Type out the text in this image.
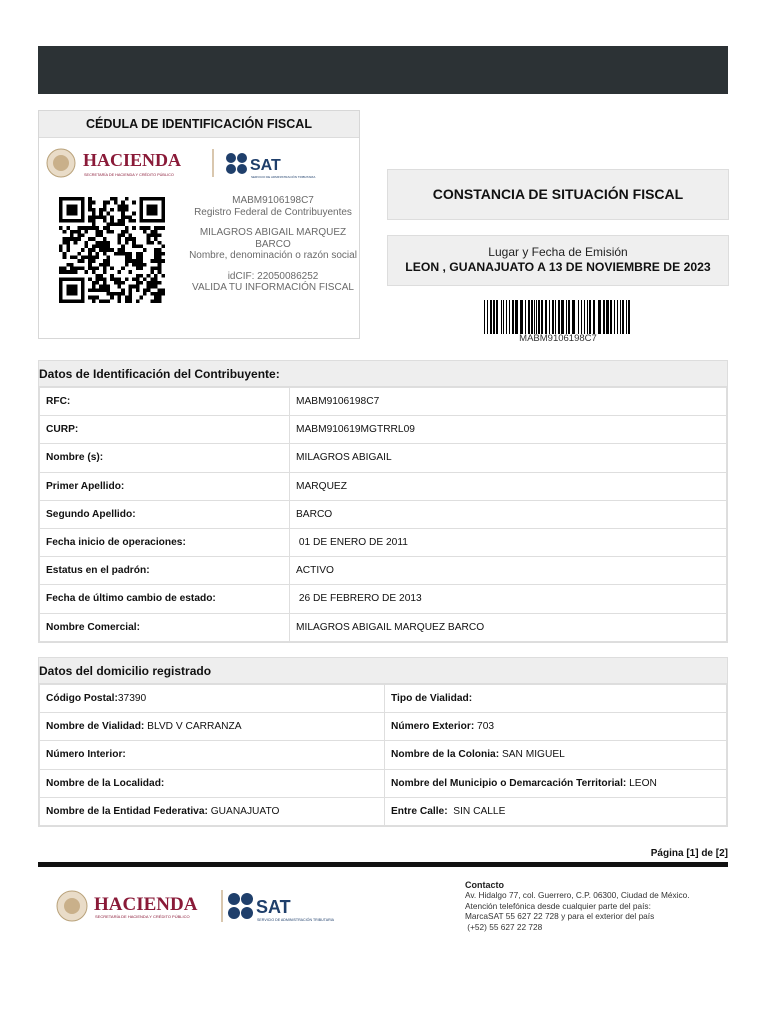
CÉDULA DE IDENTIFICACIÓN FISCAL
HACIENDA
SECRETARÍA DE HACIENDA Y CRÉDITO PÚBLICO
SAT
SERVICIO DE ADMINISTRACIÓN TRIBUTARIA

MABM9106198C7
Registro Federal de Contribuyentes

MILAGROS ABIGAIL MARQUEZ BARCO
Nombre, denominación o razón social

idCIF: 22050086252
VALIDA TU INFORMACIÓN FISCAL

CONSTANCIA DE SITUACIÓN FISCAL
Lugar y Fecha de Emisión
LEON , GUANAJUATO A 13 DE NOVIEMBRE DE 2023
MABM9106198C7
Datos de Identificación del Contribuyente:
RFC:	MABM9106198C7
CURP:	MABM910619MGTRRL09
Nombre (s):	MILAGROS ABIGAIL
Primer Apellido:	MARQUEZ
Segundo Apellido:	BARCO
Fecha inicio de operaciones:	01 DE ENERO DE 2011
Estatus en el padrón:	ACTIVO
Fecha de último cambio de estado:	26 DE FEBRERO DE 2013
Nombre Comercial:	MILAGROS ABIGAIL MARQUEZ BARCO
Datos del domicilio registrado
Código Postal:37390	Tipo de Vialidad:
Nombre de Vialidad: BLVD V CARRANZA	Número Exterior: 703
Número Interior:	Nombre de la Colonia: SAN MIGUEL
Nombre de la Localidad:	Nombre del Municipio o Demarcación Territorial: LEON
Nombre de la Entidad Federativa: GUANAJUATO	Entre Calle:  SIN CALLE
Página [1] de [2]
HACIENDA
SECRETARÍA DE HACIENDA Y CRÉDITO PÚBLICO	SAT
SERVICIO DE ADMINISTRACIÓN TRIBUTARIA
Contacto
Av. Hidalgo 77, col. Guerrero, C.P. 06300, Ciudad de México.
Atención telefónica desde cualquier parte del país:
MarcaSAT 55 627 22 728 y para el exterior del país
(+52) 55 627 22 728
